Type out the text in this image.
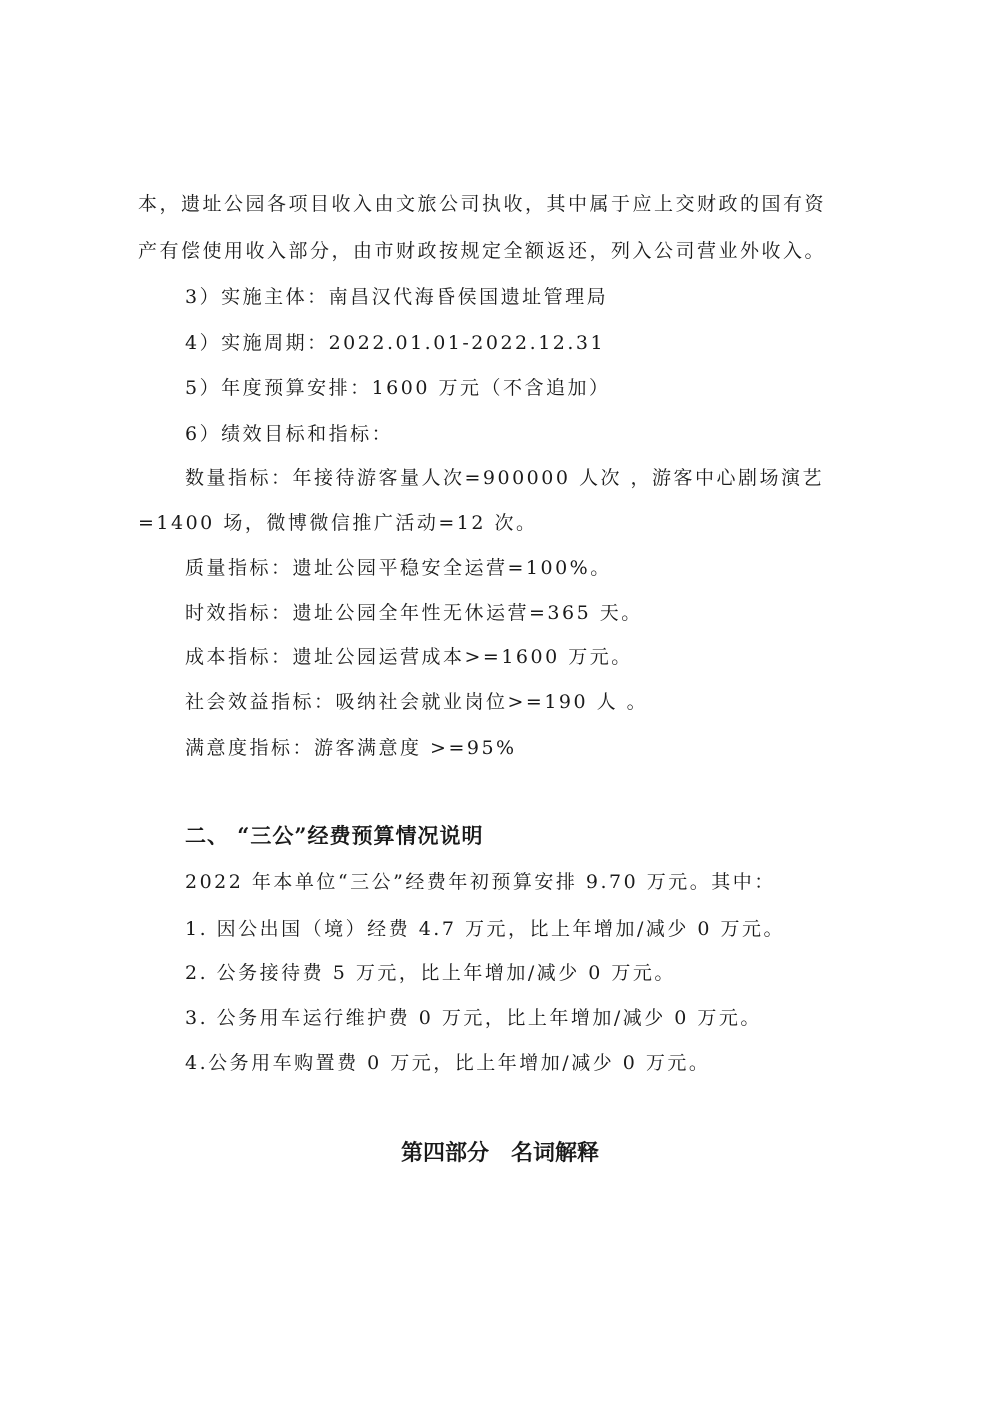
本，遗址公园各项目收入由文旅公司执收，其中属于应上交财政的国有资
产有偿使用收入部分，由市财政按规定全额返还，列入公司营业外收入。
3）实施主体：南昌汉代海昏侯国遗址管理局
4）实施周期：2022.01.01-2022.12.31
5）年度预算安排：1600 万元（不含追加）
6）绩效目标和指标：
数量指标：年接待游客量人次=900000 人次 ，游客中心剧场演艺
=1400 场，微博微信推广活动=12 次。
质量指标：遗址公园平稳安全运营=100%。
时效指标：遗址公园全年性无休运营=365 天。
成本指标：遗址公园运营成本>=1600 万元。
社会效益指标：吸纳社会就业岗位>=190 人 。
满意度指标：游客满意度 >=95%
二、 “三公”经费预算情况说明
2022 年本单位“三公”经费年初预算安排 9.70 万元。其中：
1. 因公出国（境）经费 4.7 万元，比上年增加/减少 0 万元。
2. 公务接待费 5 万元，比上年增加/减少 0 万元。
3. 公务用车运行维护费 0 万元，比上年增加/减少 0 万元。
4.公务用车购置费 0 万元，比上年增加/减少 0 万元。
第四部分　名词解释
